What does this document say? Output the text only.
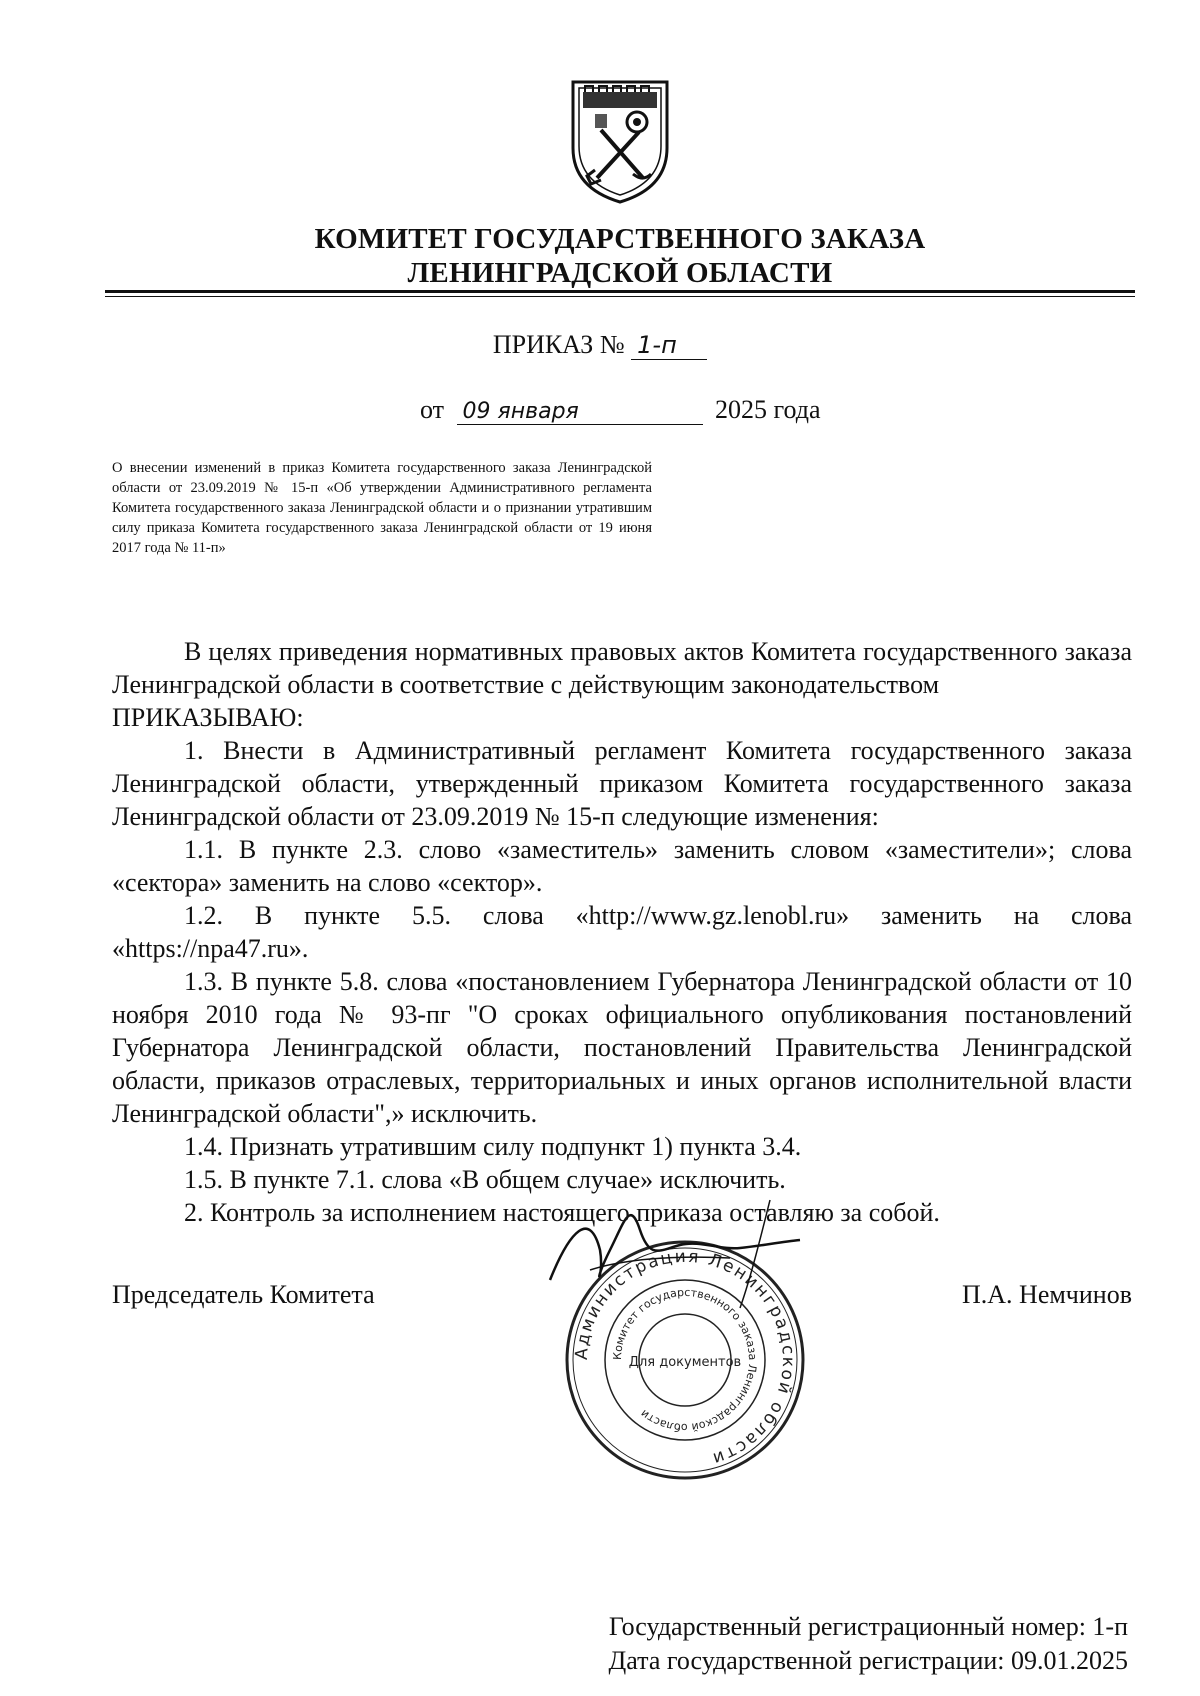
КОМИТЕТ ГОСУДАРСТВЕННОГО ЗАКАЗА
ЛЕНИНГРАДСКОЙ ОБЛАСТИ
ПРИКАЗ № 1-п
от 09 января	2025 года
О внесении изменений в приказ Комитета государственного заказа Ленинградской области от 23.09.2019 № 15-п «Об утверждении Административного регламента Комитета государственного заказа Ленинградской области и о признании утратившим силу приказа Комитета государственного заказа Ленинградской области от 19 июня 2017 года № 11-п»

В целях приведения нормативных правовых актов Комитета государственного заказа Ленинградской области в соответствие с действующим законодательством

ПРИКАЗЫВАЮ:

1. Внести в Административный регламент Комитета государственного заказа Ленинградской области, утвержденный приказом Комитета государственного заказа Ленинградской области от 23.09.2019 № 15-п следующие изменения:

1.1. В пункте 2.3. слово «заместитель» заменить словом «заместители»; слова «сектора» заменить на слово «сектор».

1.2. В пункте 5.5. слова «http://www.gz.lenobl.ru» заменить на слова «https://npa47.ru».

1.3. В пункте 5.8. слова «постановлением Губернатора Ленинградской области от 10 ноября 2010 года № 93-пг "О сроках официального опубликования постановлений Губернатора Ленинградской области, постановлений Правительства Ленинградской области, приказов отраслевых, территориальных и иных органов исполнительной власти Ленинградской области",» исключить.

1.4. Признать утратившим силу подпункт 1) пункта 3.4.

1.5. В пункте 7.1. слова «В общем случае» исключить.

2. Контроль за исполнением настоящего приказа оставляю за собой.

Администрация Ленинградской области
Комитет государственного заказа Ленинградской области
Для документов
Председатель Комитета	П.А. Немчинов
Государственный регистрационный номер: 1-п
Дата государственной регистрации: 09.01.2025
